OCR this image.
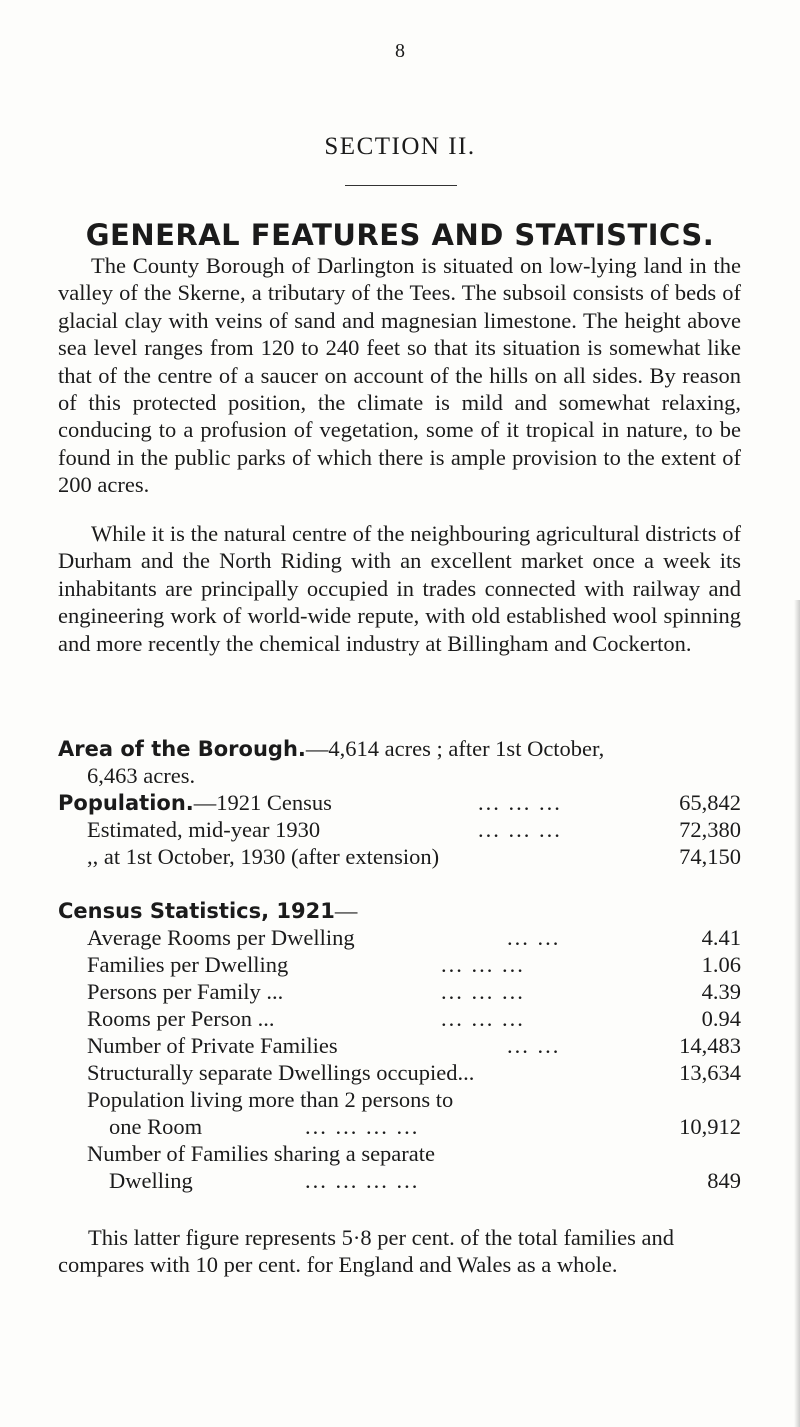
8
SECTION II.
GENERAL FEATURES AND STATISTICS.

The County Borough of Darlington is situated on low-lying land in the valley of the Skerne, a tributary of the Tees. The subsoil consists of beds of glacial clay with veins of sand and magnesian limestone. The height above sea level ranges from 120 to 240 feet so that its situation is somewhat like that of the centre of a saucer on account of the hills on all sides. By reason of this protected position, the climate is mild and somewhat relaxing, conducing to a profusion of vegetation, some of it tropical in nature, to be found in the public parks of which there is ample provision to the extent of 200 acres.

While it is the natural centre of the neighbouring agricultural districts of Durham and the North Riding with an excellent market once a week its inhabitants are principally occupied in trades connected with railway and engineering work of world-wide repute, with old established wool spinning and more recently the chemical industry at Billingham and Cockerton.

Area of the Borough.—4,614 acres ; after 1st October,
6,463 acres.
Population.—1921 Census	... ... ...	65,842
Estimated, mid-year 1930	... ... ...	72,380
,, at 1st October, 1930 (after extension)	74,150
Census Statistics, 1921—
Average Rooms per Dwelling	... ...	4.41
Families per Dwelling	... ... ...	1.06
Persons per Family ...	... ... ...	4.39
Rooms per Person ...	... ... ...	0.94
Number of Private Families	... ...	14,483
Structurally separate Dwellings occupied...	13,634
Population living more than 2 persons to
one Room	... ... ... ...	10,912
Number of Families sharing a separate
Dwelling	... ... ... ...	849

This latter figure represents 5·8 per cent. of the total families and compares with 10 per cent. for England and Wales as a whole.
